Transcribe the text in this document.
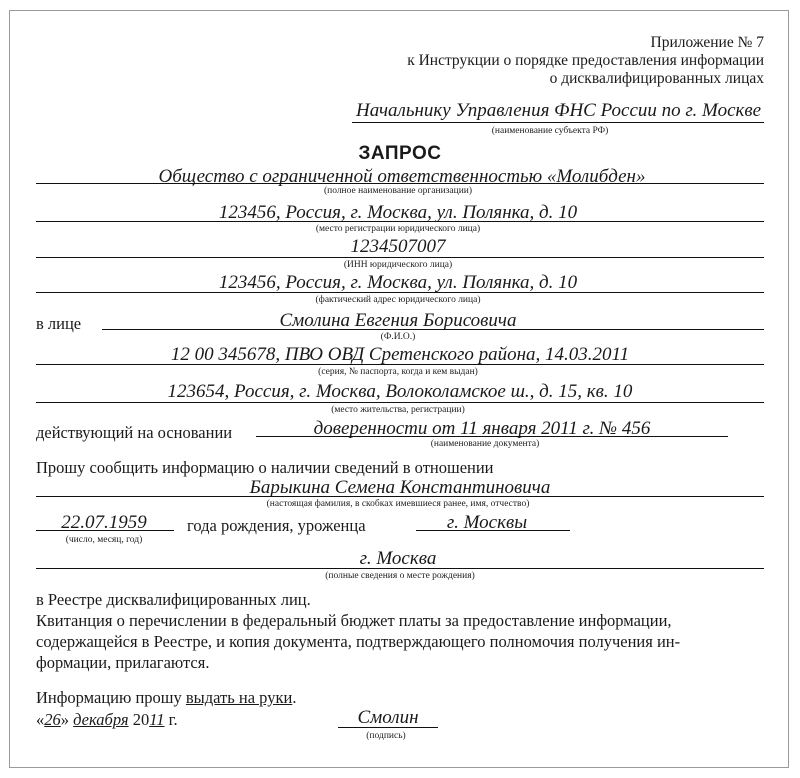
Приложение № 7
к Инструкции о порядке предоставления информации
о дисквалифицированных лицах
Начальнику Управления ФНС России по г. Москве
(наименование субъекта РФ)
ЗАПРОС
Общество с ограниченной ответственностью «Молибден»
(полное наименование организации)
123456, Россия, г. Москва, ул. Полянка, д. 10
(место регистрации юридического лица)
1234507007
(ИНН юридического лица)
123456, Россия, г. Москва, ул. Полянка, д. 10
(фактический адрес юридического лица)
в лице	Смолина Евгения Борисовича
(Ф.И.О.)
12 00 345678, ПВО ОВД Сретенского района, 14.03.2011
(серия, № паспорта, когда и кем выдан)
123654, Россия, г. Москва, Волоколамское ш., д. 15, кв. 10
(место жительства, регистрации)
действующий на основании	доверенности от 11 января 2011 г. № 456
(наименование документа)
Прошу сообщить информацию о наличии сведений в отношении
Барыкина Семена Константиновича
(настоящая фамилия, в скобках имевшиеся ранее, имя, отчество)
22.07.1959
(число, месяц, год)
года рождения, уроженца	г. Москвы
г. Москва
(полные сведения о месте рождения)
в Реестре дисквалифицированных лиц.
Квитанция о перечислении в федеральный бюджет платы за предоставление информации,
содержащейся в Реестре, и копия документа, подтверждающего полномочия получения ин-
формации, прилагаются.
Информацию прошу выдать на руки.
«26» декабря 2011 г.	Смолин
(подпись)
